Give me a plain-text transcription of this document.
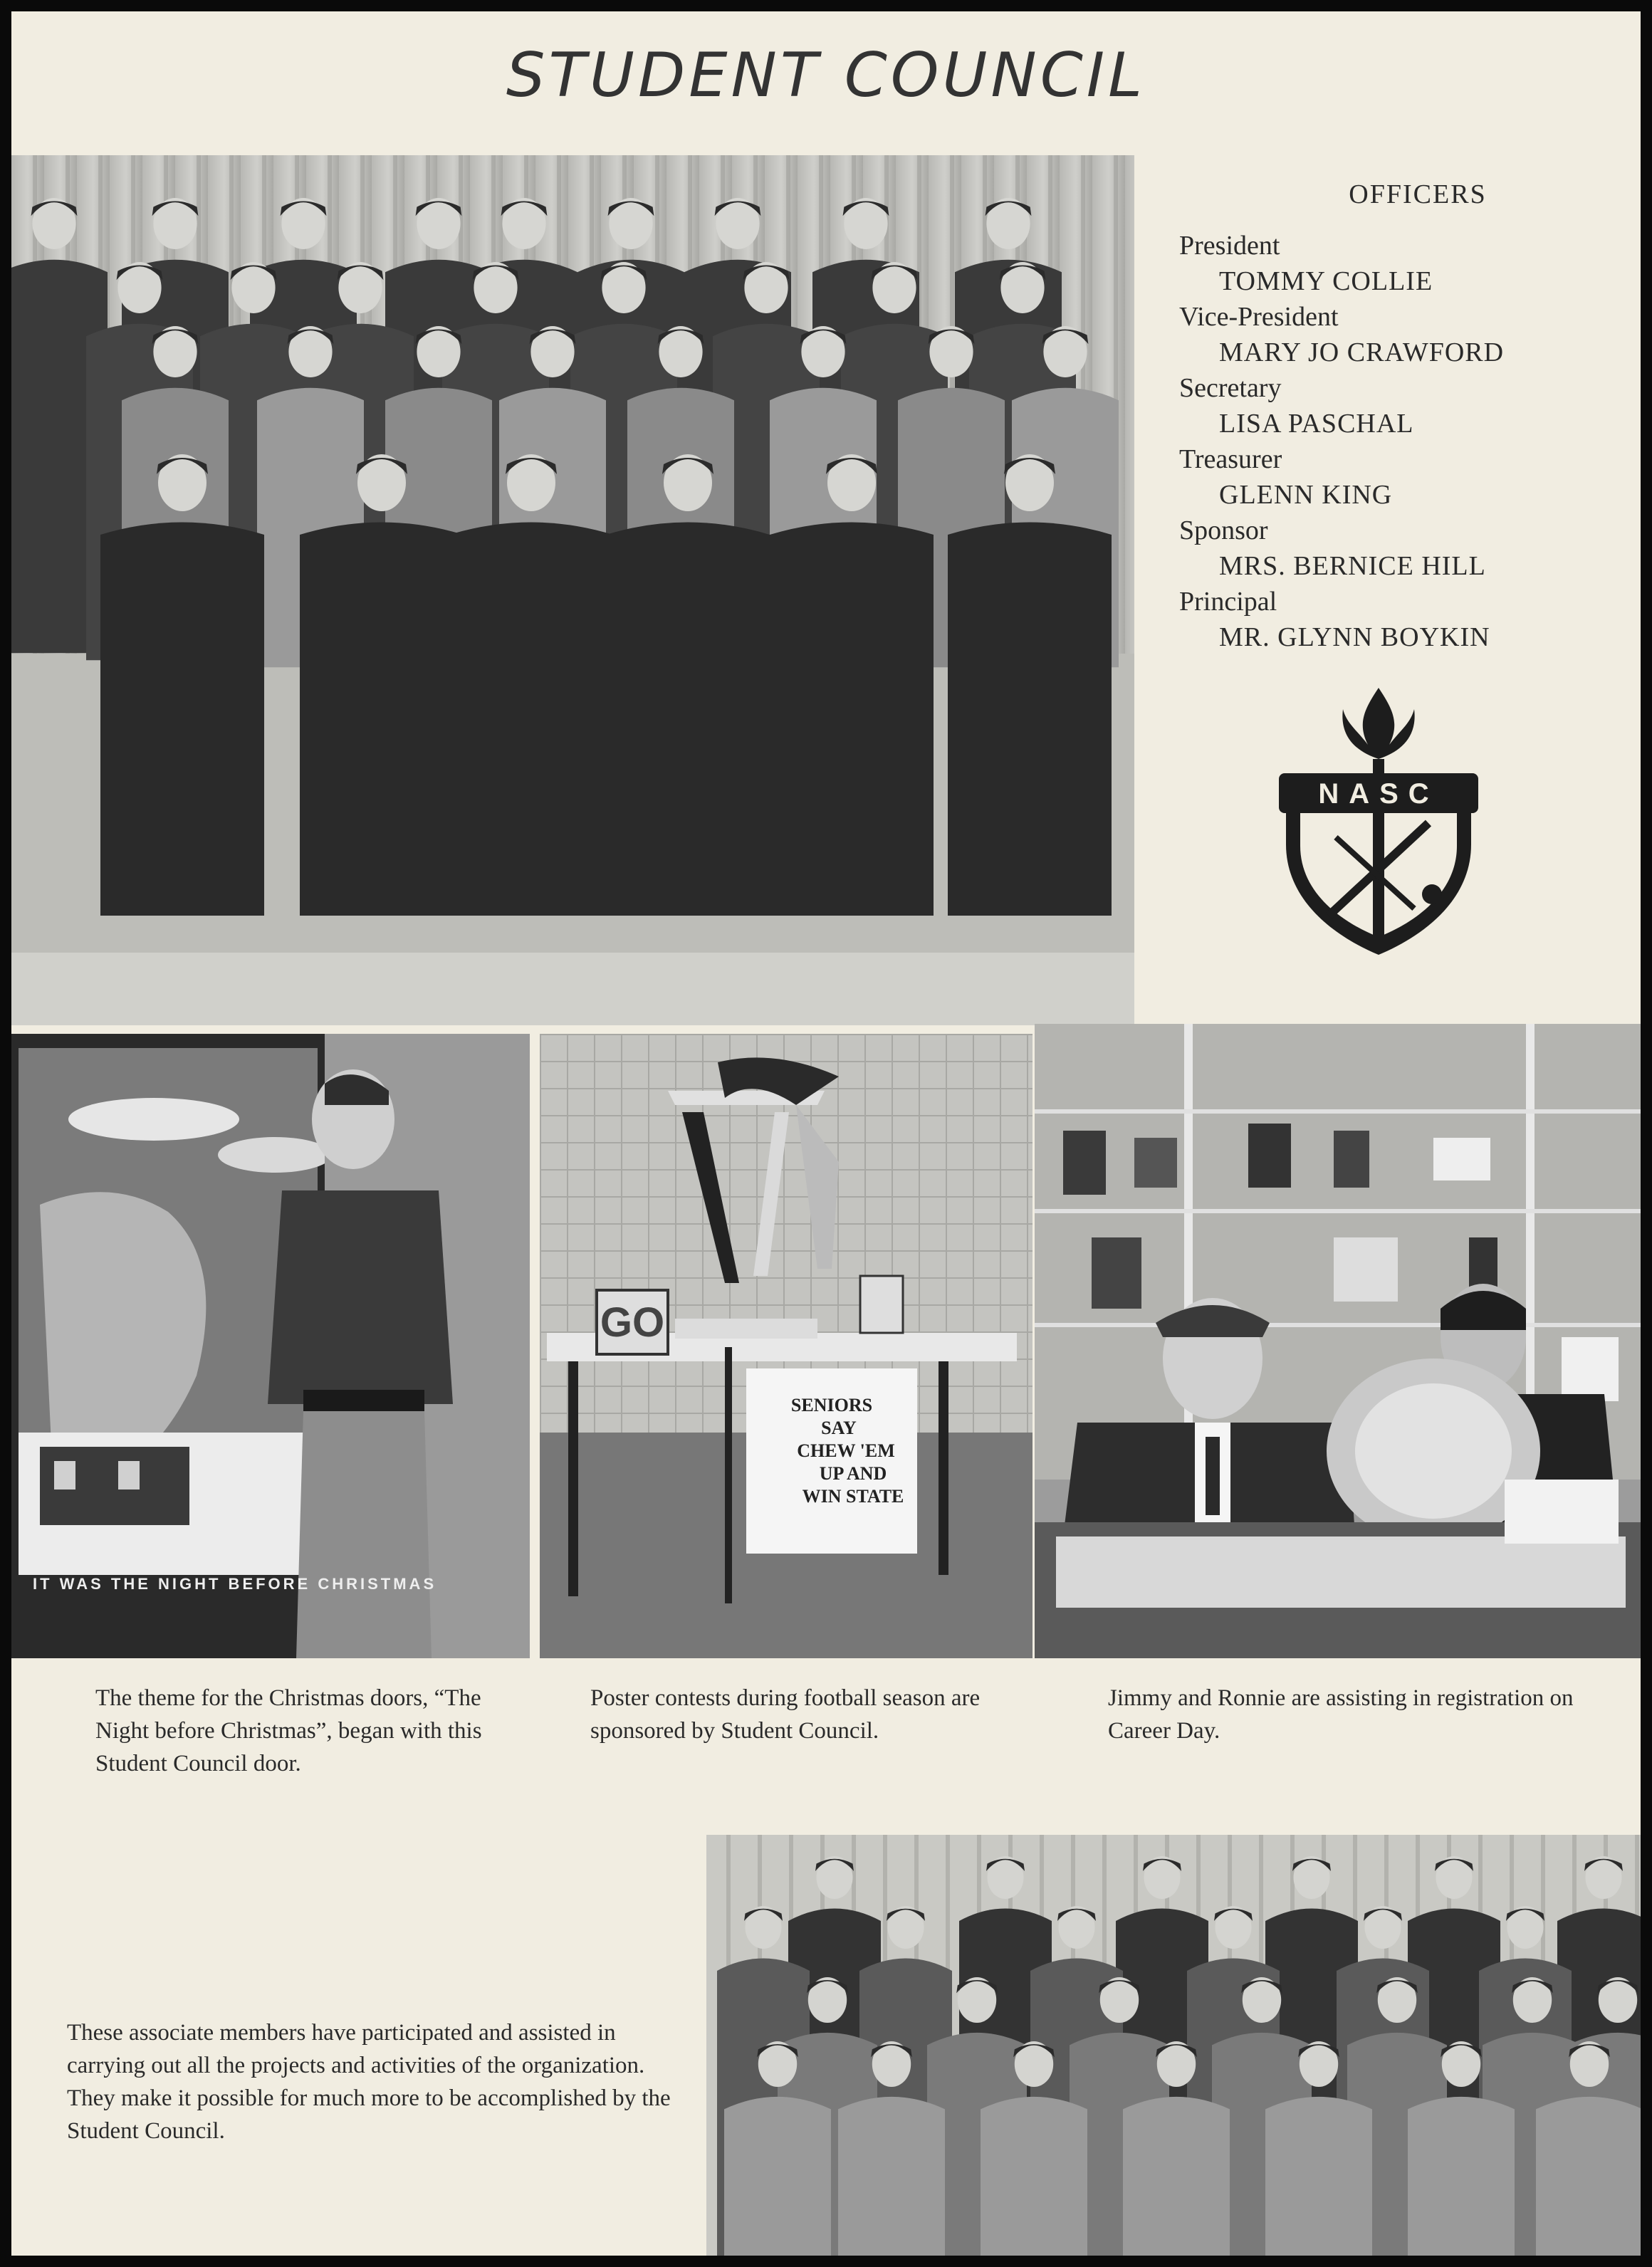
STUDENT COUNCIL
OFFICERS
President
TOMMY COLLIE
Vice-President
MARY JO CRAWFORD
Secretary
LISA PASCHAL
Treasurer
GLENN KING
Sponsor
MRS. BERNICE HILL
Principal
MR. GLYNN BOYKIN
NASC
IT WAS THE NIGHT BEFORE CHRISTMAS
SENIORS
SAY
CHEW 'EM
UP AND
WIN STATE
GO

The theme for the Christmas doors, “The Night before Christmas”, began with this Student Council door.

Poster contests during football season are sponsored by Student Council.

Jimmy and Ronnie are assisting in registration on Career Day.

These associate members have participated and assisted in carrying out all the projects and activities of the organization. They make it possible for much more to be accomplished by the Student Council.
